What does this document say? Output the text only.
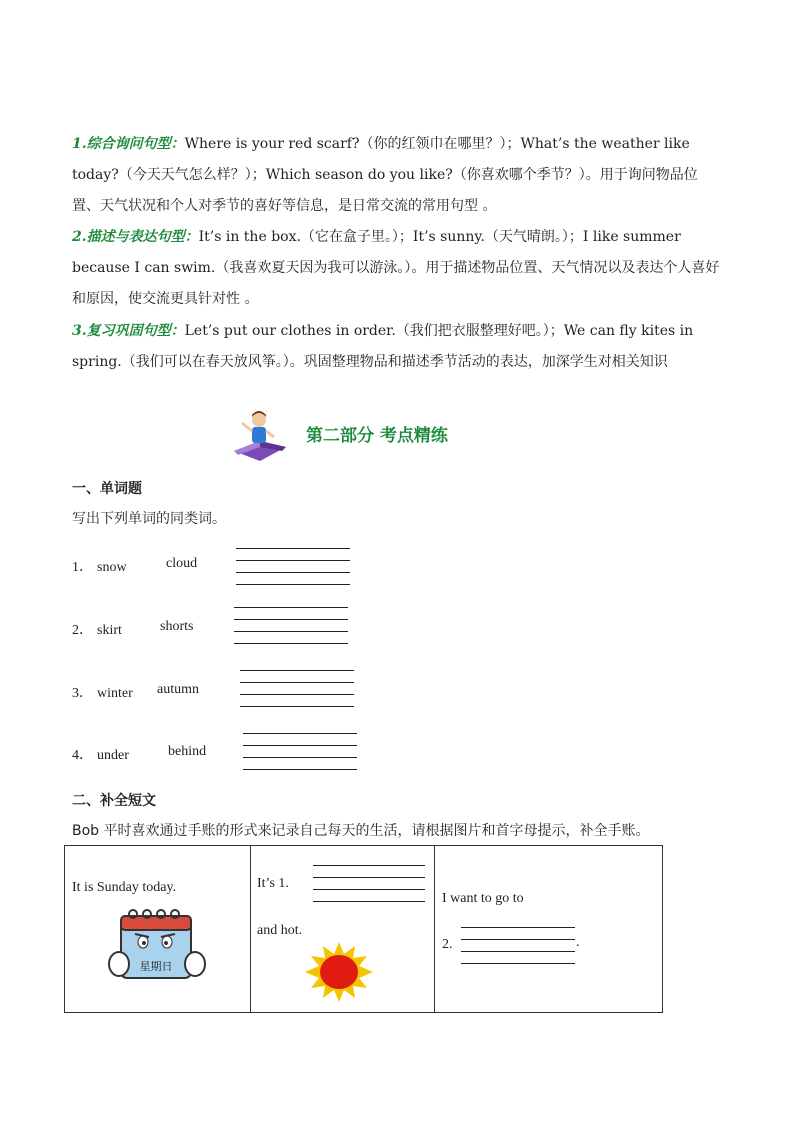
1.综合询问句型：Where is your red scarf?（你的红领巾在哪里？）；What’s the weather like today?（今天天气怎么样？）；Which season do you like?（你喜欢哪个季节？）。用于询问物品位置、天气状况和个人对季节的喜好等信息，是日常交流的常用句型 。

2.描述与表达句型：It’s in the box.（它在盒子里。）；It’s sunny.（天气晴朗。）；I like summer because I can swim.（我喜欢夏天因为我可以游泳。）。用于描述物品位置、天气情况以及表达个人喜好和原因，使交流更具针对性 。

3.复习巩固句型：Let’s put our clothes in order.（我们把衣服整理好吧。）；We can fly kites in spring.（我们可以在春天放风筝。）。巩固整理物品和描述季节活动的表达，加深学生对相关知识

第二部分 考点精练
一、单词题
写出下列单词的同类词。
1． snow	cloud
2． skirt	shorts
3． winter autumn
4． under	behind
二、补全短文
Bob 平时喜欢通过手账的形式来记录自己每天的生活，请根据图片和首字母提示，补全手账。
It is Sunday today.
星期日

It’s 1.
and hot.

I want to go to
2.	.
